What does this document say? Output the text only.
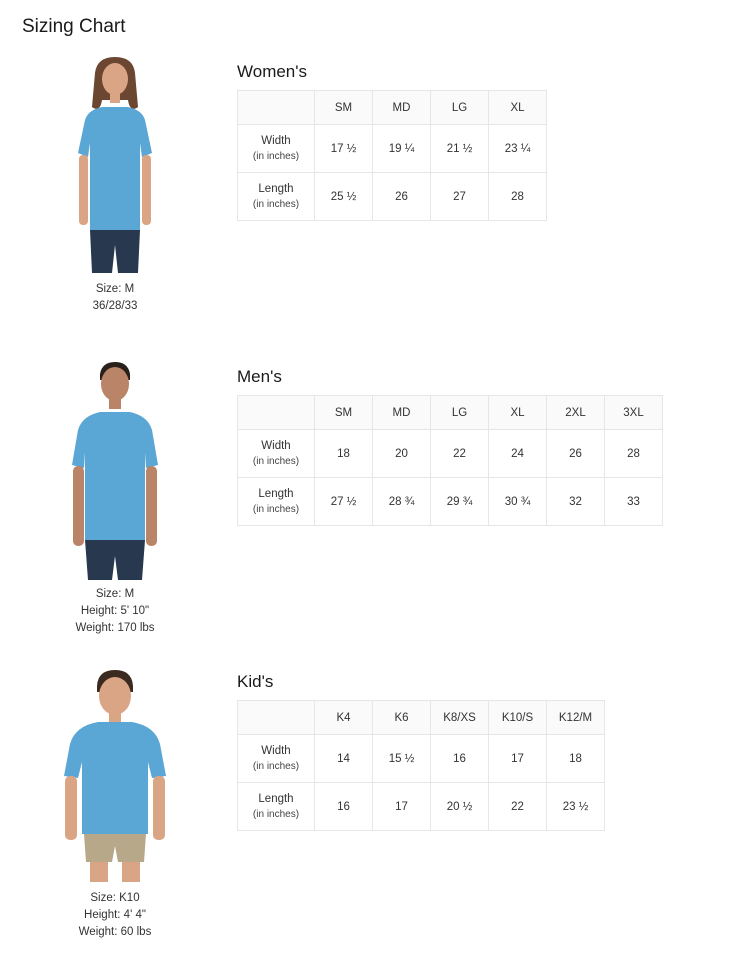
Sizing Chart
Size: M
36/28/33
Women's
	SM	MD	LG	XL
Width
(in inches)	17 ½	19 ¼	21 ½	23 ¼
Length
(in inches)	25 ½	26	27	28
Size: M
Height: 5' 10"
Weight: 170 lbs
Men's
	SM	MD	LG	XL	2XL	3XL
Width
(in inches)	18	20	22	24	26	28
Length
(in inches)	27 ½	28 ¾	29 ¾	30 ¾	32	33
Size: K10
Height: 4' 4"
Weight: 60 lbs
Kid's
	K4	K6	K8/XS	K10/S	K12/M
Width
(in inches)	14	15 ½	16	17	18
Length
(in inches)	16	17	20 ½	22	23 ½
